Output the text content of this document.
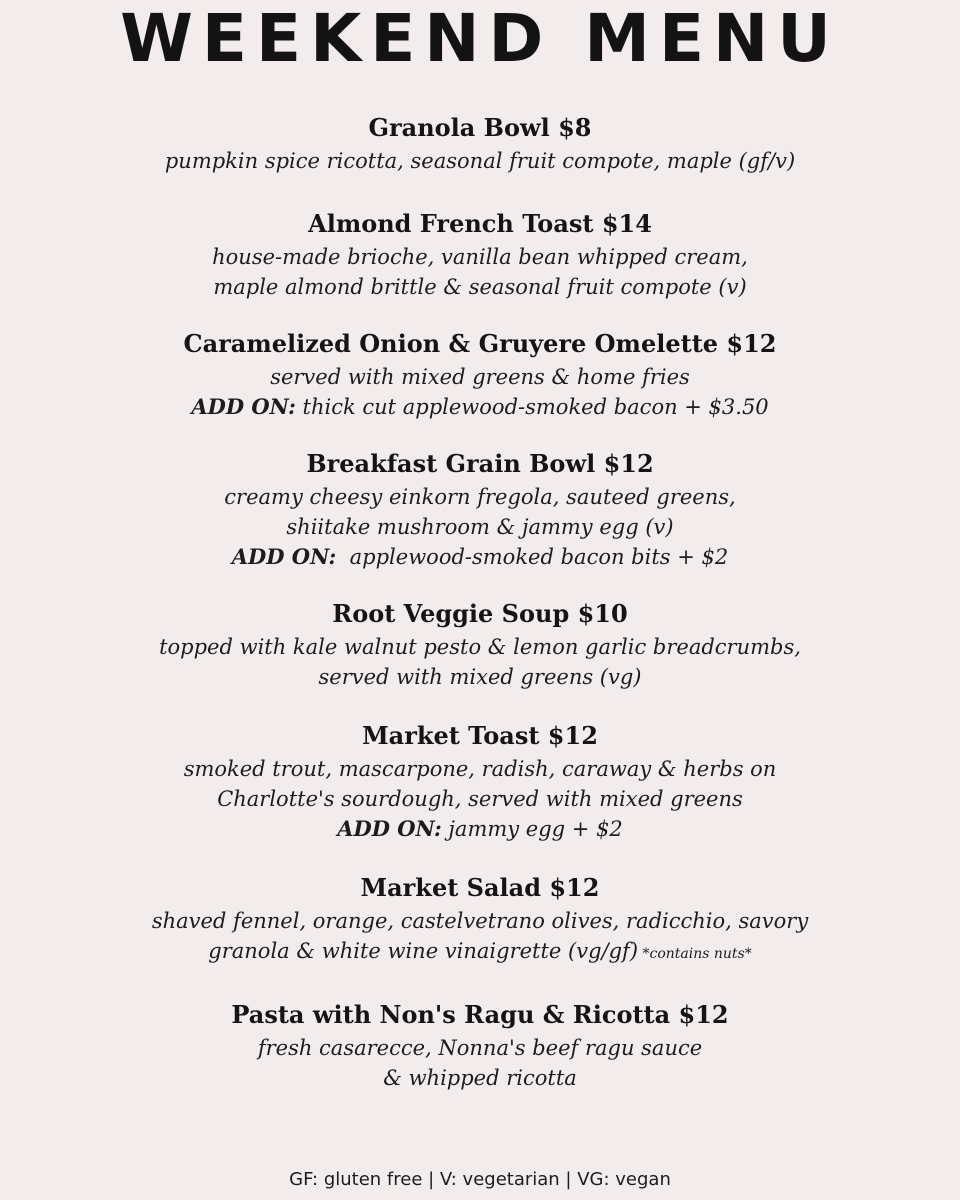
WEEKEND MENU

Granola Bowl $8

pumpkin spice ricotta, seasonal fruit compote, maple (gf/v)

Almond French Toast $14

house-made brioche, vanilla bean whipped cream,

maple almond brittle & seasonal fruit compote (v)

Caramelized Onion & Gruyere Omelette $12

served with mixed greens & home fries

ADD ON: thick cut applewood-smoked bacon + $3.50

Breakfast Grain Bowl $12

creamy cheesy einkorn fregola, sauteed greens,

shiitake mushroom & jammy egg (v)

ADD ON:  applewood-smoked bacon bits + $2

Root Veggie Soup $10

topped with kale walnut pesto & lemon garlic breadcrumbs,

served with mixed greens (vg)

Market Toast $12

smoked trout, mascarpone, radish, caraway & herbs on

Charlotte's sourdough, served with mixed greens

ADD ON: jammy egg + $2

Market Salad $12

shaved fennel, orange, castelvetrano olives, radicchio, savory

granola & white wine vinaigrette (vg/gf) *contains nuts*

Pasta with Non's Ragu & Ricotta $12

fresh casarecce, Nonna's beef ragu sauce

& whipped ricotta

GF: gluten free | V: vegetarian | VG: vegan
